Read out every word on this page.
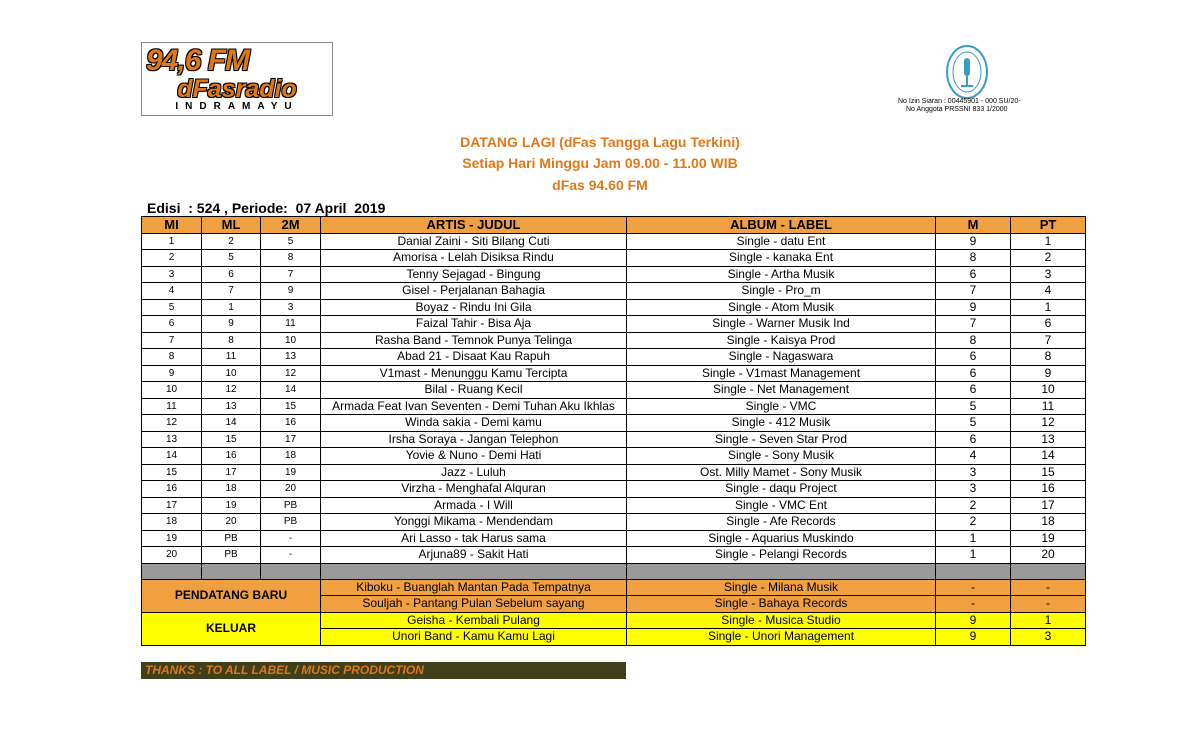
94,6 FM
dFasradio
INDRAMAYU	No Izin Siaran : 00445901 - 000 SU/20-
No Anggota PRSSNI 833 1/2000
DATANG LAGI (dFas Tangga Lagu Terkini)
Setiap Hari Minggu Jam 09.00 - 11.00 WIB
dFas 94.60 FM
Edisi  : 524 , Periode:  07 April  2019
MI	ML	2M	ARTIS - JUDUL	ALBUM - LABEL	M	PT
1	2	5	Danial Zaini - Siti Bilang Cuti	Single - datu Ent	9	1
2	5	8	Amorisa - Lelah Disiksa Rindu	Single - kanaka Ent	8	2
3	6	7	Tenny Sejagad - Bingung	Single - Artha Musik	6	3
4	7	9	Gisel - Perjalanan Bahagia	Single - Pro_m	7	4
5	1	3	Boyaz - Rindu Ini Gila	Single - Atom Musik	9	1
6	9	11	Faizal Tahir - Bisa Aja	Single - Warner Musik Ind	7	6
7	8	10	Rasha Band - Temnok Punya Telinga	Single - Kaisya Prod	8	7
8	11	13	Abad 21 - Disaat Kau Rapuh	Single - Nagaswara	6	8
9	10	12	V1mast - Menunggu Kamu Tercipta	Single - V1mast Management	6	9
10	12	14	Bilal - Ruang Kecil	Single - Net Management	6	10
11	13	15	Armada Feat Ivan Seventen - Demi Tuhan Aku Ikhlas	Single - VMC	5	11
12	14	16	Winda sakia - Demi kamu	Single - 412 Musik	5	12
13	15	17	Irsha Soraya - Jangan Telephon	Single - Seven Star Prod	6	13
14	16	18	Yovie & Nuno - Demi Hati	Single - Sony Musik	4	14
15	17	19	Jazz - Luluh	Ost. Milly Mamet - Sony Musik	3	15
16	18	20	Virzha - Menghafal Alquran	Single - daqu Project	3	16
17	19	PB	Armada - I Will	Single - VMC Ent	2	17
18	20	PB	Yonggi Mikama - Mendendam	Single - Afe Records	2	18
19	PB	-	Ari Lasso - tak Harus sama	Single - Aquarius Muskindo	1	19
20	PB	-	Arjuna89 - Sakit Hati	Single - Pelangi Records	1	20

PENDATANG BARU			Kiboku - Buanglah Mantan Pada Tempatnya	Single - Milana Musik	-	-
			Souljah - Pantang Pulan Sebelum sayang	Single - Bahaya Records	-	-
KELUAR			Geisha - Kembali Pulang	Single - Musica Studio	9	1
			Unori Band - Kamu Kamu Lagi	Single - Unori Management	9	3
THANKS : TO ALL LABEL / MUSIC PRODUCTION
